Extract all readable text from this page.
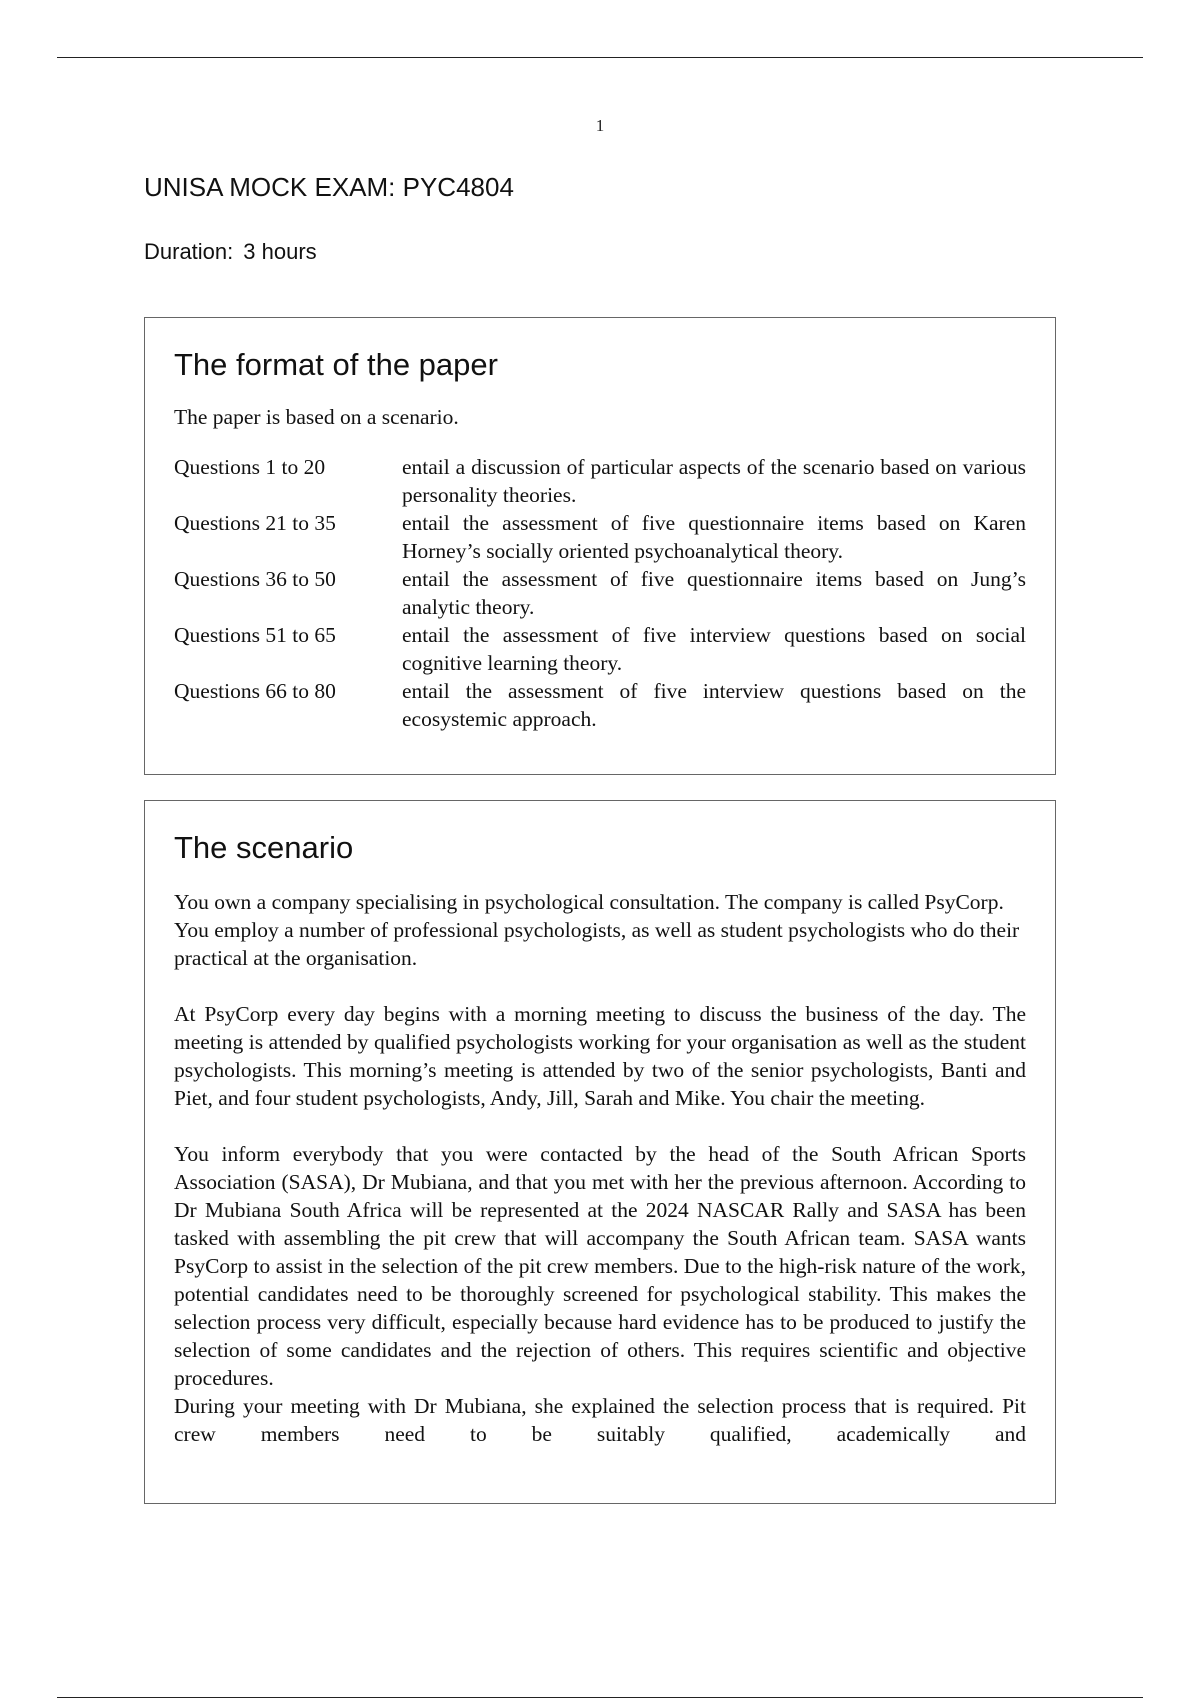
1
UNISA MOCK EXAM: PYC4804
Duration: 3 hours
The format of the paper

The paper is based on a scenario.

Questions 1 to 20	entail a discussion of particular aspects of the scenario based on various personality theories.
Questions 21 to 35	entail the assessment of five questionnaire items based on Karen Horney’s socially oriented psychoanalytical theory.
Questions 36 to 50	entail the assessment of five questionnaire items based on Jung’s analytic theory.
Questions 51 to 65	entail the assessment of five interview questions based on social cognitive learning theory.
Questions 66 to 80	entail the assessment of five interview questions based on the ecosystemic approach.
The scenario

You own a company specialising in psychological consultation. The company is called PsyCorp. You employ a number of professional psychologists, as well as student psychologists who do their practical at the organisation.

At PsyCorp every day begins with a morning meeting to discuss the business of the day. The meeting is attended by qualified psychologists working for your organisation as well as the student psychologists. This morning’s meeting is attended by two of the senior psychologists, Banti and Piet, and four student psychologists, Andy, Jill, Sarah and Mike. You chair the meeting.

You inform everybody that you were contacted by the head of the South African Sports Association (SASA), Dr Mubiana, and that you met with her the previous afternoon. According to Dr Mubiana South Africa will be represented at the 2024 NASCAR Rally and SASA has been tasked with assembling the pit crew that will accompany the South African team. SASA wants PsyCorp to assist in the selection of the pit crew members. Due to the high-risk nature of the work, potential candidates need to be thoroughly screened for psychological stability. This makes the selection process very difficult, especially because hard evidence has to be produced to justify the selection of some candidates and the rejection of others. This requires scientific and objective procedures.

During your meeting with Dr Mubiana, she explained the selection process that is required. Pit crew members need to be suitably qualified, academically and
